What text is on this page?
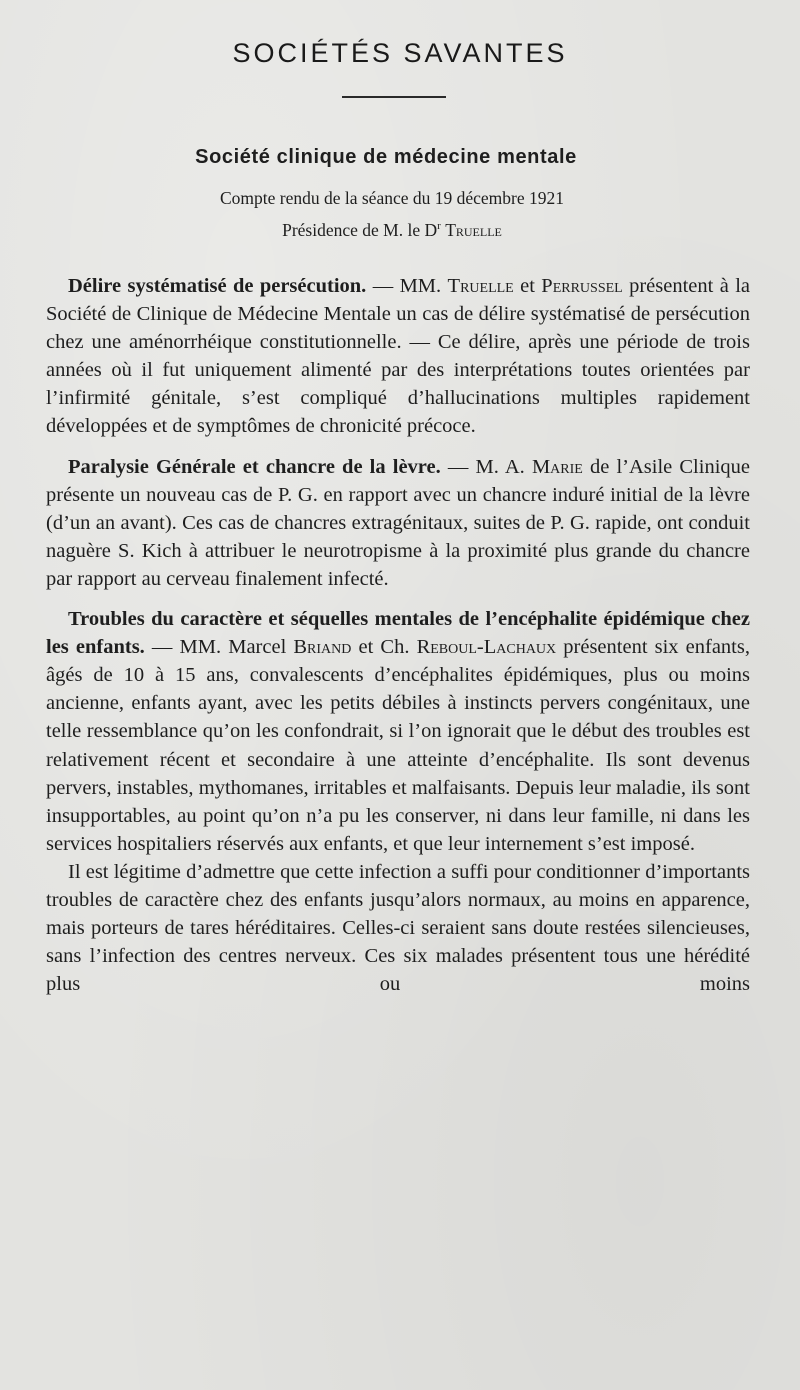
SOCIÉTÉS SAVANTES
Société clinique de médecine mentale

Compte rendu de la séance du 19 décembre 1921

Présidence de M. le $D^r$ Truelle

Délire systématisé de persécution. — MM. Truelle et Perrussel présentent à la Société de Clinique de Médecine Mentale un cas de délire systématisé de persécution chez une aménorrhéique constitutionnelle. — Ce délire, après une période de trois années où il fut uniquement alimenté par des interprétations toutes orientées par l’infirmité génitale, s’est compliqué d’hallucinations multiples rapidement développées et de symptômes de chronicité précoce.

Paralysie Générale et chancre de la lèvre. — M. A. Marie de l’Asile Clinique présente un nouveau cas de P. G. en rapport avec un chancre induré initial de la lèvre (d’un an avant). Ces cas de chancres extragénitaux, suites de P. G. rapide, ont conduit naguère S. Kich à attribuer le neurotropisme à la proximité plus grande du chancre par rapport au cerveau finalement infecté.

Troubles du caractère et séquelles mentales de l’encéphalite épidémique chez les enfants. — MM. Marcel Briand et Ch. Reboul-Lachaux présentent six enfants, âgés de 10 à 15 ans, convalescents d’encéphalites épidémiques, plus ou moins ancienne, enfants ayant, avec les petits débiles à instincts pervers congénitaux, une telle ressemblance qu’on les confondrait, si l’on ignorait que le début des troubles est relativement récent et secondaire à une atteinte d’encéphalite. Ils sont devenus pervers, instables, mythomanes, irritables et malfaisants. Depuis leur maladie, ils sont insupportables, au point qu’on n’a pu les conserver, ni dans leur famille, ni dans les services hospitaliers réservés aux enfants, et que leur internement s’est imposé.

Il est légitime d’admettre que cette infection a suffi pour conditionner d’importants troubles de caractère chez des enfants jusqu’alors normaux, au moins en apparence, mais porteurs de tares héréditaires. Celles-ci seraient sans doute restées silencieuses, sans l’infection des centres nerveux. Ces six malades présentent tous une hérédité plus ou moins
